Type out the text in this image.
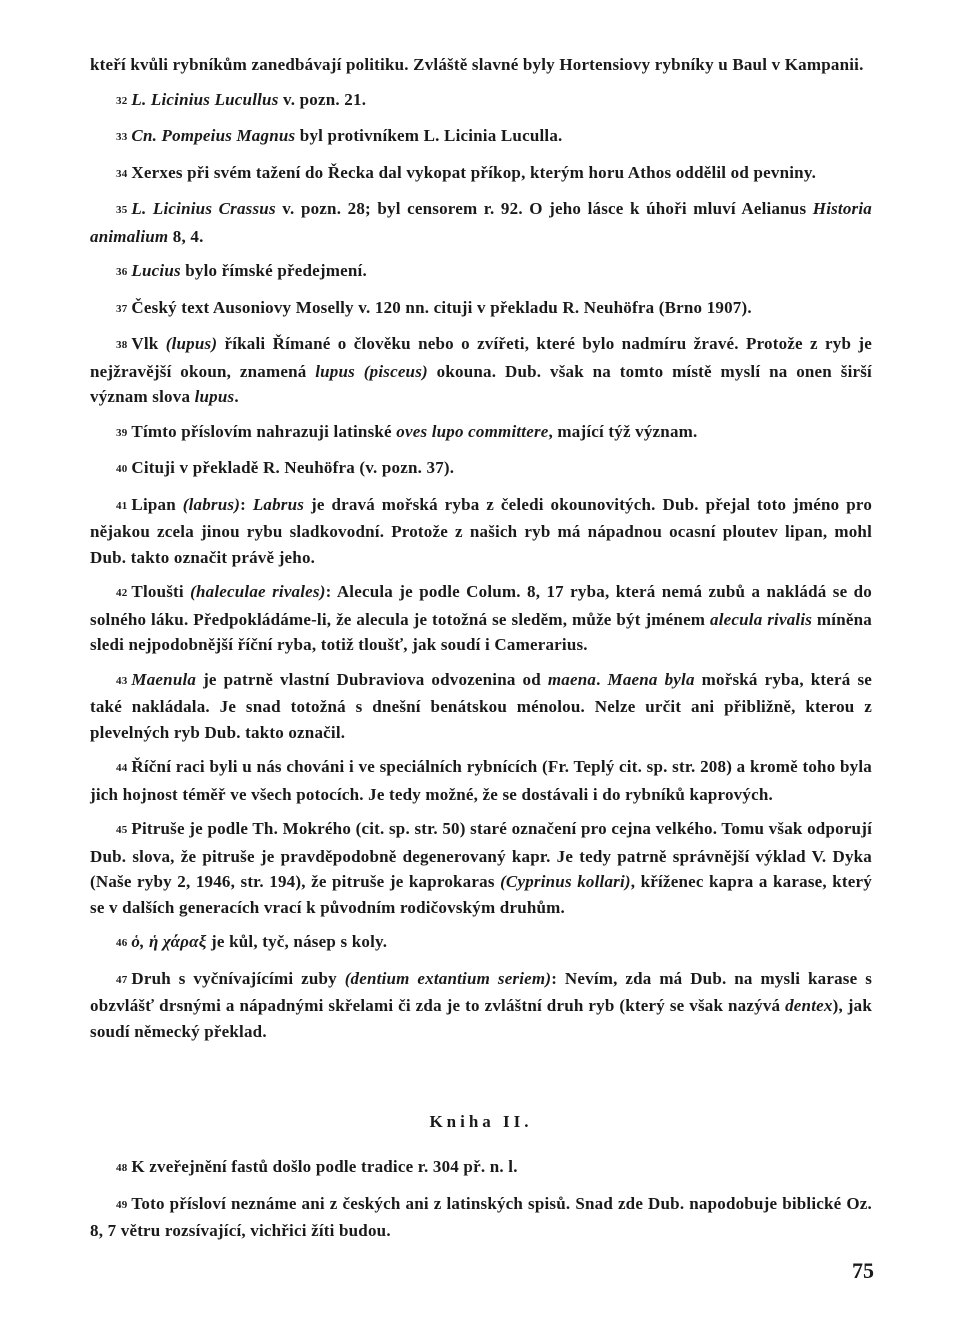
kteří kvůli rybníkům zanedbávají politiku. Zvláště slavné byly Hortensiovy rybníky u Baul v Kampanii.

32 L. Licinius Lucullus v. pozn. 21.

33 Cn. Pompeius Magnus byl protivníkem L. Licinia Luculla.

34 Xerxes při svém tažení do Řecka dal vykopat příkop, kterým horu Athos oddělil od pevniny.

35 L. Licinius Crassus v. pozn. 28; byl censorem r. 92. O jeho lásce k úhoři mluví Aelianus Historia animalium 8, 4.

36 Lucius bylo římské předejmení.

37 Český text Ausoniovy Moselly v. 120 nn. cituji v překladu R. Neuhöfra (Brno 1907).

38 Vlk (lupus) říkali Římané o člověku nebo o zvířeti, které bylo nadmíru žravé. Protože z ryb je nejžravější okoun, znamená lupus (pisceus) okouna. Dub. však na tomto místě myslí na onen širší význam slova lupus.

39 Tímto příslovím nahrazuji latinské oves lupo committere, mající týž význam.

40 Cituji v překladě R. Neuhöfra (v. pozn. 37).

41 Lipan (labrus): Labrus je dravá mořská ryba z čeledi okounovitých. Dub. přejal toto jméno pro nějakou zcela jinou rybu sladkovodní. Protože z našich ryb má nápadnou ocasní ploutev lipan, mohl Dub. takto označit právě jeho.

42 Tloušti (haleculae rivales): Alecula je podle Colum. 8, 17 ryba, která nemá zubů a nakládá se do solného láku. Předpokládáme-li, že alecula je totožná se sleděm, může být jménem alecula rivalis míněna sledi nejpodobnější říční ryba, totiž tloušť, jak soudí i Camerarius.

43 Maenula je patrně vlastní Dubraviova odvozenina od maena. Maena byla mořská ryba, která se také nakládala. Je snad totožná s dnešní benátskou ménolou. Nelze určit ani přibližně, kterou z plevelných ryb Dub. takto označil.

44 Říční raci byli u nás chováni i ve speciálních rybnících (Fr. Teplý cit. sp. str. 208) a kromě toho byla jich hojnost téměř ve všech potocích. Je tedy možné, že se dostávali i do rybníků kaprových.

45 Pitruše je podle Th. Mokrého (cit. sp. str. 50) staré označení pro cejna velkého. Tomu však odporují Dub. slova, že pitruše je pravděpodobně degenerovaný kapr. Je tedy patrně správnější výklad V. Dyka (Naše ryby 2, 1946, str. 194), že pitruše je kaprokaras (Cyprinus kollari), kříženec kapra a karase, který se v dalších generacích vrací k původním rodičovským druhům.

46 ὁ, ἡ χάραξ je kůl, tyč, násep s koly.

47 Druh s vyčnívajícími zuby (dentium extantium seriem): Nevím, zda má Dub. na mysli karase s obzvlášť drsnými a nápadnými skřelami či zda je to zvláštní druh ryb (který se však nazývá dentex), jak soudí německý překlad.

Kniha II.

48 K zveřejnění fastů došlo podle tradice r. 304 př. n. l.

49 Toto přísloví neznáme ani z českých ani z latinských spisů. Snad zde Dub. napodobuje biblické Oz. 8, 7 větru rozsívající, vichřici žíti budou.

75
